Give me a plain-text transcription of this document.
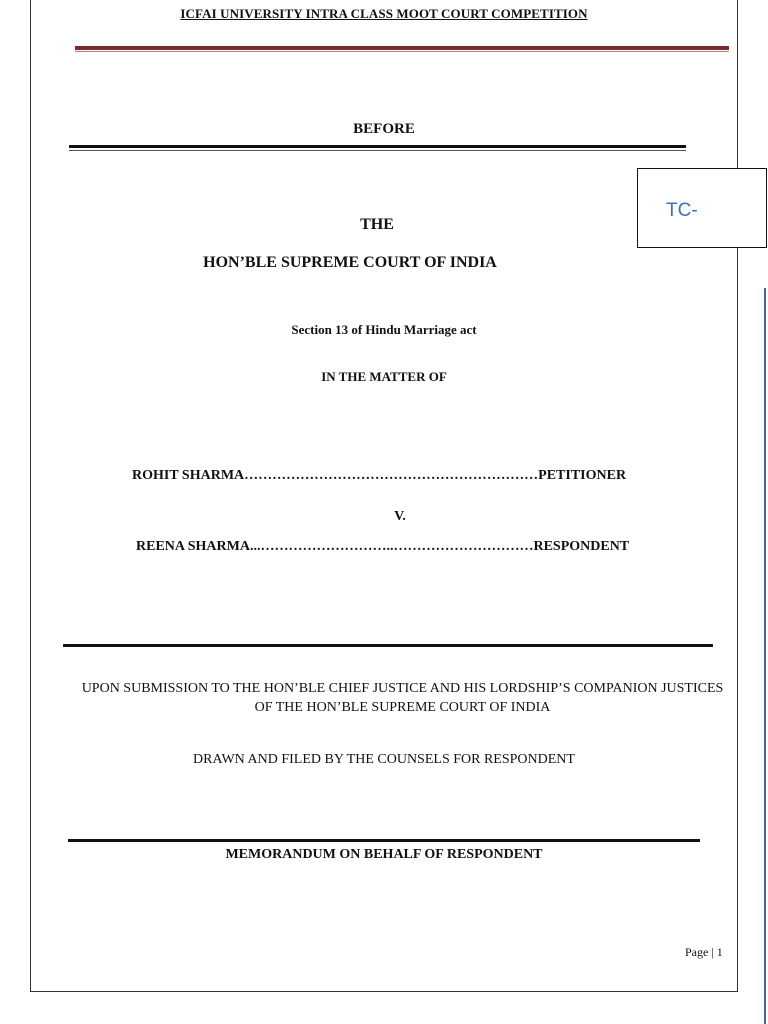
ICFAI UNIVERSITY INTRA CLASS MOOT COURT COMPETITION
BEFORE
TC-
THE
HON’BLE SUPREME COURT OF INDIA
Section 13 of Hindu Marriage act
IN THE MATTER OF
ROHIT SHARMA………………………………………………………PETITIONER
V.
REENA SHARMA...………………………..…………………………RESPONDENT
UPON SUBMISSION TO THE HON’BLE CHIEF JUSTICE AND HIS LORDSHIP’S COMPANION JUSTICES OF THE HON’BLE SUPREME COURT OF INDIA
DRAWN AND FILED BY THE COUNSELS FOR RESPONDENT
MEMORANDUM ON BEHALF OF RESPONDENT
Page | 1
